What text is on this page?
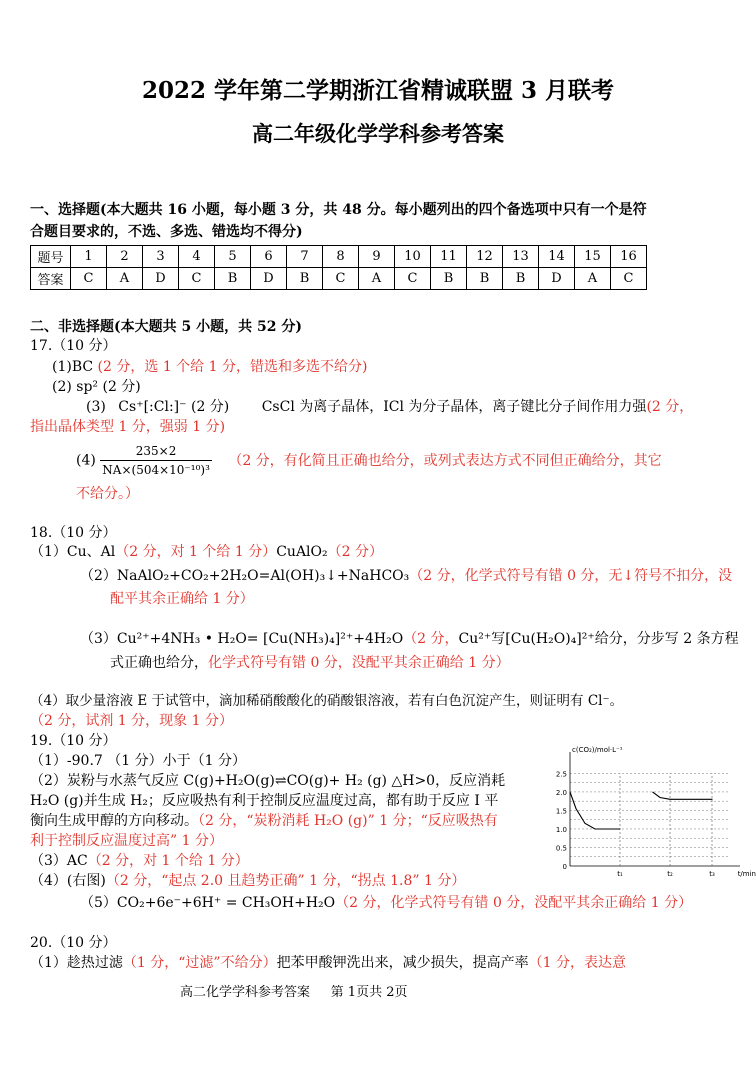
2022 学年第二学期浙江省精诚联盟 3 月联考
高二年级化学学科参考答案
一、选择题(本大题共 16 小题，每小题 3 分，共 48 分。每小题列出的四个备选项中只有一个是符
合题目要求的，不选、多选、错选均不得分)
题号	1	2	3	4	5	6	7	8	9	10	11	12	13	14	15	16
答案	C	A	D	C	B	D	B	C	A	C	B	B	B	D	A	C
二、非选择题(本大题共 5 小题，共 52 分)
17.（10 分）
(1)BC (2 分，选 1 个给 1 分，错选和多选不给分)
(2) sp² (2 分)
(3) Cs⁺[:Cl:]⁻ (2 分) CsCl 为离子晶体，ICl 为分子晶体，离子键比分子间作用力强(2 分，
指出晶体类型 1 分，强弱 1 分)
$(4) \frac{235\times 2}{\text{NA×(504×10⁻¹⁰)³}} (2$ 分，有化简且正确也给分，或列式表达方式不同但正确给分，其它
不给分。）
18.（10 分）
（1）Cu、Al（2 分，对 1 个给 1 分）CuAlO₂（2 分）
（2）NaAlO₂+CO₂+2H₂O=Al(OH)₃↓+NaHCO₃（2 分，化学式符号有错 0 分，无↓符号不扣分，没
配平其余正确给 1 分）
（3）Cu²⁺+4NH₃ • H₂O= [Cu(NH₃)₄]²⁺+4H₂O（2 分，Cu²⁺写[Cu(H₂O)₄]²⁺给分，分步写 2 条方程
式正确也给分，化学式符号有错 0 分，没配平其余正确给 1 分）
（4）取少量溶液 E 于试管中，滴加稀硝酸酸化的硝酸银溶液，若有白色沉淀产生，则证明有 Cl⁻。
（2 分，试剂 1 分，现象 1 分）
19.（10 分）
（1）-90.7 （1 分）小于（1 分）
（2）炭粉与水蒸气反应 C(g)+H₂O(g)⇌CO(g)+ H₂ (g) △H>0，反应消耗
H₂O (g)并生成 H₂；反应吸热有利于控制反应温度过高，都有助于反应 I 平
衡向生成甲醇的方向移动。（2 分，“炭粉消耗 H₂O (g)” 1 分；“反应吸热有
利于控制反应温度过高” 1 分）
（3）AC（2 分，对 1 个给 1 分）
（4）(右图)（2 分，“起点 2.0 且趋势正确” 1 分，“拐点 1.8” 1 分）
（5）CO₂+6e⁻+6H⁺ = CH₃OH+H₂O（2 分，化学式符号有错 0 分，没配平其余正确给 1 分）
0
0.5
1.0
1.5
2.0
2.5
t₁	t₂	t₃
c(CO₂)/mol·L⁻¹
t/min
20.（10 分）
（1）趁热过滤（1 分，“过滤”不给分）把苯甲酸钾洗出来，减少损失，提高产率（1 分，表达意
高二化学学科参考答案     第 1页共 2页
